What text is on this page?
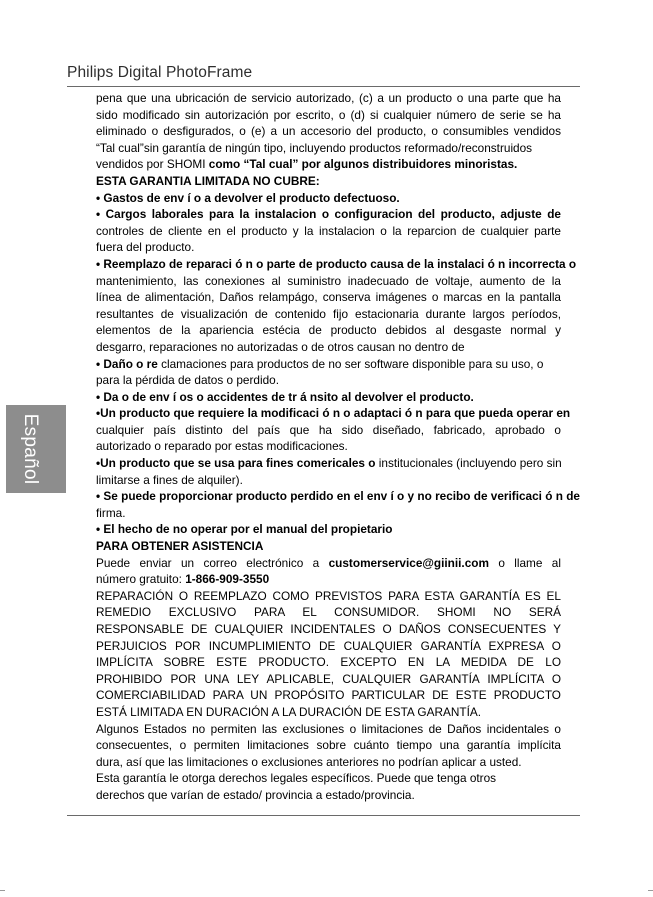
Philips Digital PhotoFrame
Español

pena que una ubricación de servicio autorizado, (c) a un producto o una parte que ha

sido modificado sin autorización por escrito, o (d) si cualquier número de serie se ha

eliminado o desfigurados, o (e) a un accesorio del producto, o consumibles vendidos

“Tal cual”sin garantía de ningún tipo, incluyendo productos reformado/reconstruidos

vendidos por SHOMI como “Tal cual” por algunos distribuidores minoristas.

ESTA GARANTIA LIMITADA NO CUBRE:

• Gastos de env í o a devolver el producto defectuoso.

• Cargos laborales para la instalacion o configuracion del producto, adjuste de

controles de cliente en el producto y la instalacion o la reparcion de cualquier parte

fuera del producto.

• Reemplazo de reparaci ó n o parte de producto causa de la instalaci ó n incorrecta o

mantenimiento, las conexiones al suministro inadecuado de voltaje, aumento de la

línea de alimentación, Daños relampágo, conserva imágenes o marcas en la pantalla

resultantes de visualización de contenido fijo estacionaria durante largos períodos,

elementos de la apariencia estécia de producto debidos al desgaste normal y

desgarro, reparaciones no autorizadas o de otros causan no dentro de

• Daño o re clamaciones para productos de no ser software disponible para su uso, o

para la pérdida de datos o perdido.

• Da o de env í os o accidentes de tr á nsito al devolver el producto.

•Un producto que requiere la modificaci ó n o adaptaci ó n para que pueda operar en

cualquier país distinto del país que ha sido diseñado, fabricado, aprobado o

autorizado o reparado por estas modificaciones.

•Un producto que se usa para fines comericales o institucionales (incluyendo pero sin

limitarse a fines de alquiler).

• Se puede proporcionar producto perdido en el env í o y no recibo de verificaci ó n de

firma.

• El hecho de no operar por el manual del propietario

PARA OBTENER ASISTENCIA

Puede enviar un correo electrónico a customerservice@giinii.com o llame al

número gratuito: 1-866-909-3550

REPARACIÓN O REEMPLAZO COMO PREVISTOS PARA ESTA GARANTÍA ES EL

REMEDIO EXCLUSIVO PARA EL CONSUMIDOR. SHOMI NO SERÁ

RESPONSABLE DE CUALQUIER INCIDENTALES O DAÑOS CONSECUENTES Y

PERJUICIOS POR INCUMPLIMIENTO DE CUALQUIER GARANTÍA EXPRESA O

IMPLÍCITA SOBRE ESTE PRODUCTO. EXCEPTO EN LA MEDIDA DE LO

PROHIBIDO POR UNA LEY APLICABLE, CUALQUIER GARANTÍA IMPLÍCITA O

COMERCIABILIDAD PARA UN PROPÓSITO PARTICULAR DE ESTE PRODUCTO

ESTÁ LIMITADA EN DURACIÓN A LA DURACIÓN DE ESTA GARANTÍA.

Algunos Estados no permiten las exclusiones o limitaciones de Daños incidentales o

consecuentes, o permiten limitaciones sobre cuánto tiempo una garantía implícita

dura, así que las limitaciones o exclusiones anteriores no podrían aplicar a usted.

Esta garantía le otorga derechos legales específicos. Puede que tenga otros

derechos que varían de estado/ provincia a estado/provincia.
